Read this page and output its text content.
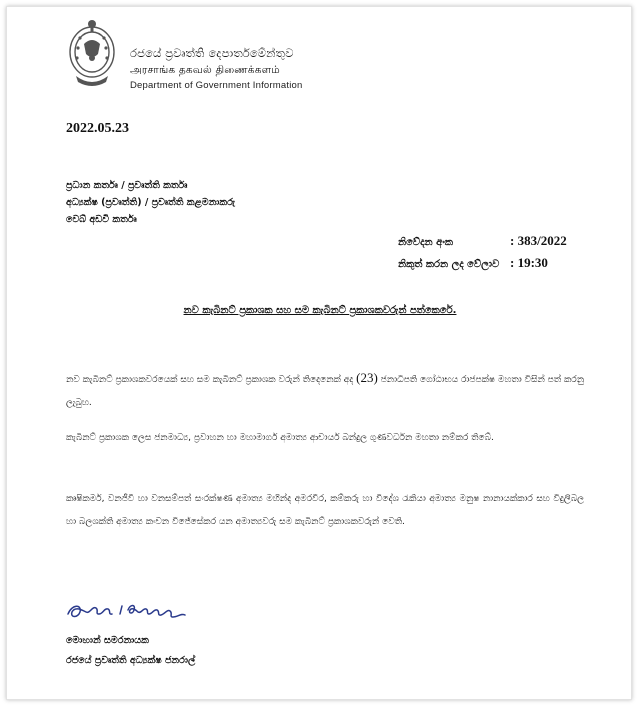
රජයේ ප්‍රවෘත්ති දෙපාර්තමේන්තුව
அரசாங்க தகவல் திணைக்களம்
Department of Government Information
2022.05.23
ප්‍රධාන කර්තෘ / ප්‍රවෘත්ති කර්තෘ
අධ්‍යක්ෂ (ප්‍රවෘත්ති) / ප්‍රවෘත්ති කළමනාකරු
වෙබ් අඩවි කර්තෘ
නිවේදන අංක	: 383/2022
නිකුත් කරන ලද වේලාව : 19:30
නව කැබිනට් ප්‍රකාශක සහ සම කැබිනට් ප්‍රකාශකවරුන් පත්කෙරේ.
නව කැබිනට් ප්‍රකාශකවරයෙක් සහ සම කැබිනට් ප්‍රකාශක වරුන් තිදෙනෙක් අද (23) ජනාධිපති ගෝඨාභය රාජපක්ෂ මහතා විසින් පත් කරනු ලැබුහ.
කැබිනට් ප්‍රකාශක ලෙස ජනමාධ්‍ය, ප්‍රවාහන හා මහාමාර්ග අමාත්‍ය ආචාර්ය බන්දුල ගුණවර්ධන මහතා නම්කර තිබේ.
කෘෂිකර්ම, වනජීවී හා වනසම්පත් සංරක්ෂණ අමාත්‍ය මහින්ද අමරවීර, කම්කරු හා විදේශ රැකියා අමාත්‍ය මනුෂ නානායක්කාර සහ විදුලිබල හා බලශක්ති අමාත්‍ය කංචන විජේසේකර යන අමාත්‍යවරු සම කැබිනට් ප්‍රකාශකවරුන් වෙති.
මොහාන් සමරනායක
රජයේ ප්‍රවෘත්ති අධ්‍යක්ෂ ජනරාල්
